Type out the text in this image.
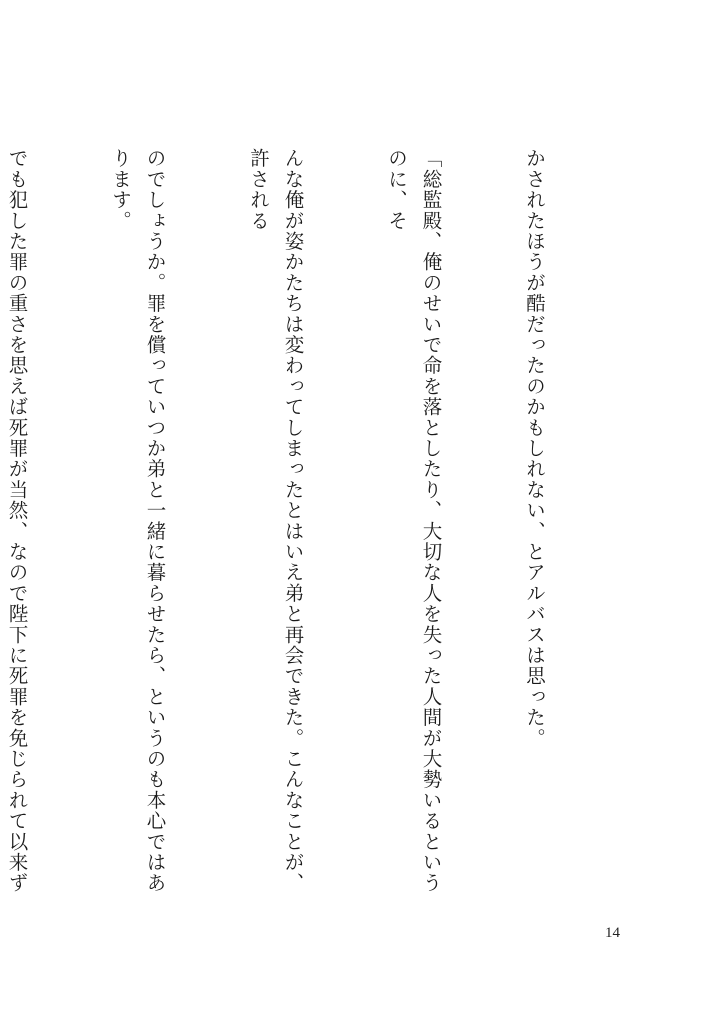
かされたほうが酷だったのかもしれない、とアルバスは思った。

「総監殿、俺のせいで命を落としたり、大切な人を失った人間が大勢いるというのに、そ

んな俺が姿かたちは変わってしまったとはいえ弟と再会できた。こんなことが、許される

のでしょうか。罪を償っていつか弟と一緒に暮らせたら、というのも本心ではあります。

でも犯した罪の重さを思えば死罪が当然、なので陛下に死罪を免じられて以来ず

14
